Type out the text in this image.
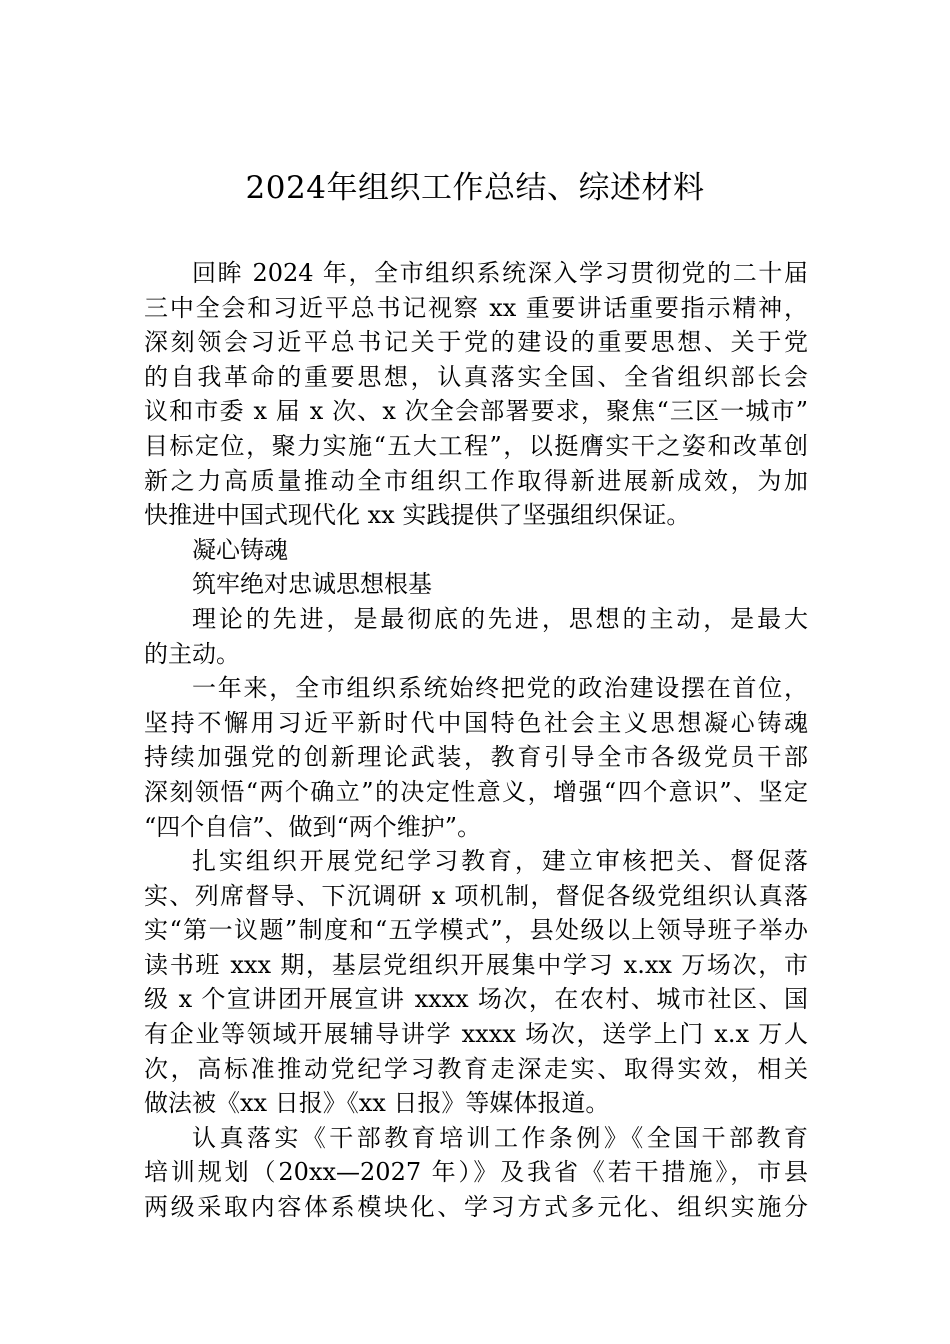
2024年组织工作总结、综述材料

回眸 2024 年，全市组织系统深入学习贯彻党的二十届
三中全会和习近平总书记视察 xx 重要讲话重要指示精神，
深刻领会习近平总书记关于党的建设的重要思想、关于党
的自我革命的重要思想，认真落实全国、全省组织部长会
议和市委 x 届 x 次、x 次全会部署要求，聚焦“三区一城市”
目标定位，聚力实施“五大工程”，以挺膺实干之姿和改革创
新之力高质量推动全市组织工作取得新进展新成效，为加
快推进中国式现代化 xx 实践提供了坚强组织保证。

凝心铸魂

筑牢绝对忠诚思想根基

理论的先进，是最彻底的先进，思想的主动，是最大
的主动。

一年来，全市组织系统始终把党的政治建设摆在首位，
坚持不懈用习近平新时代中国特色社会主义思想凝心铸魂
持续加强党的创新理论武装，教育引导全市各级党员干部
深刻领悟“两个确立”的决定性意义，增强“四个意识”、坚定
“四个自信”、做到“两个维护”。

扎实组织开展党纪学习教育，建立审核把关、督促落
实、列席督导、下沉调研 x 项机制，督促各级党组织认真落
实“第一议题”制度和“五学模式”，县处级以上领导班子举办
读书班 xxx 期，基层党组织开展集中学习 x.xx 万场次，市
级 x 个宣讲团开展宣讲 xxxx 场次，在农村、城市社区、国
有企业等领域开展辅导讲学 xxxx 场次，送学上门 x.x 万人
次，高标准推动党纪学习教育走深走实、取得实效，相关
做法被《xx 日报》《xx 日报》等媒体报道。

认真落实《干部教育培训工作条例》《全国干部教育
培训规划（20xx—2027 年）》及我省《若干措施》，市县
两级采取内容体系模块化、学习方式多元化、组织实施分
